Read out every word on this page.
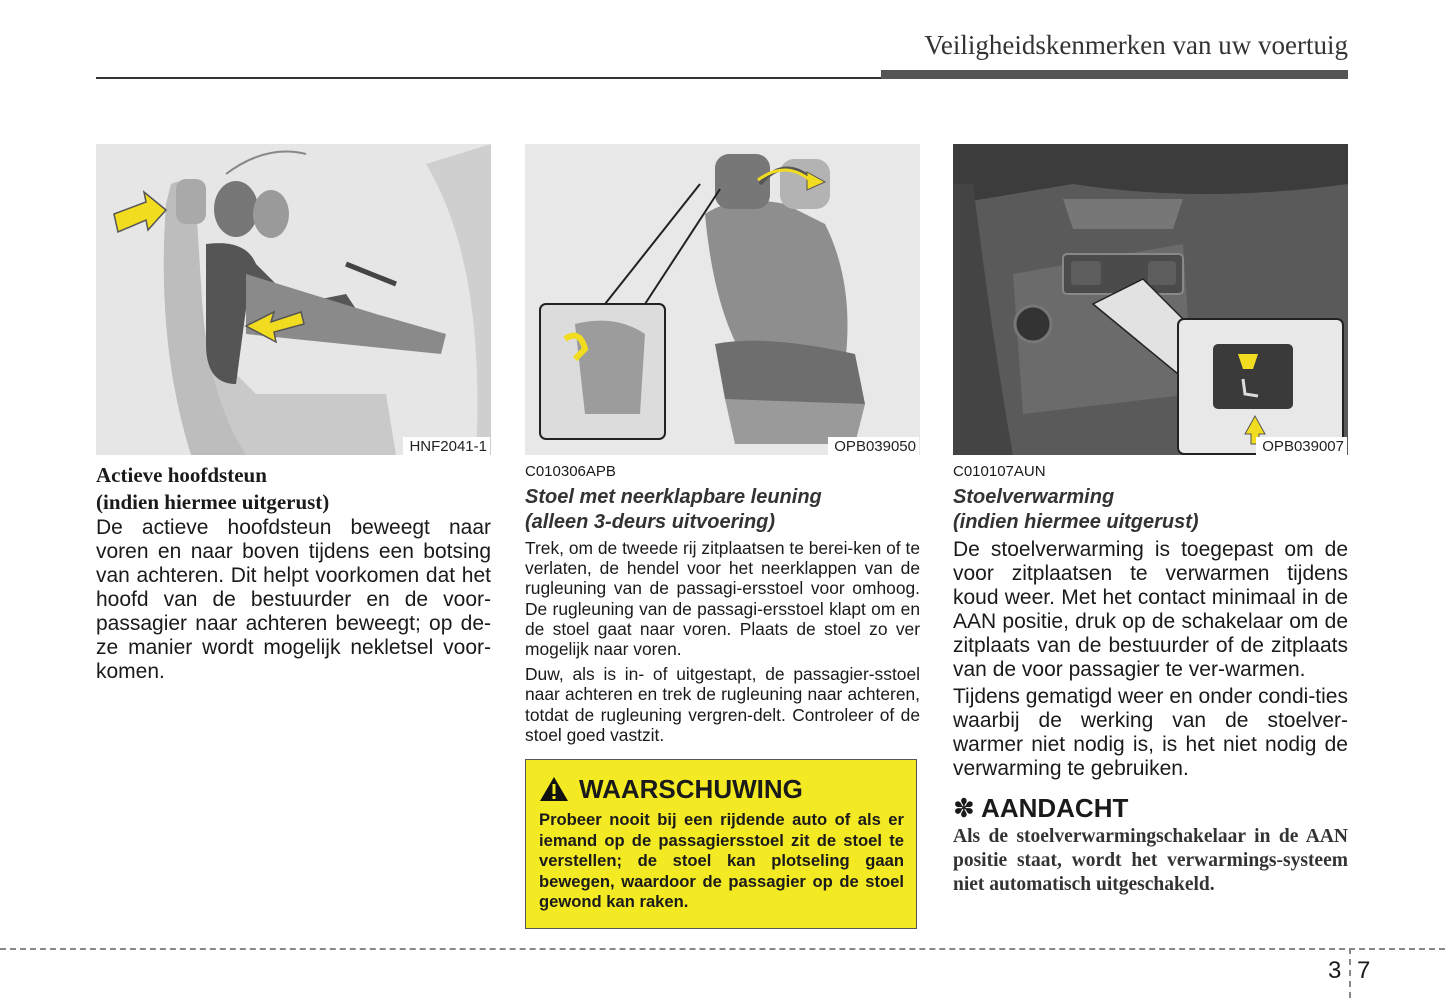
Veiligheidskenmerken van uw voertuig
HNF2041-1	OPB039050	OPB039007

Actieve hoofdsteun

(indien hiermee uitgerust)

De actieve hoofdsteun beweegt naar voren en naar boven tijdens een botsing van achteren. Dit helpt voorkomen dat het hoofd van de bestuurder en de voor-passagier naar achteren beweegt; op de-ze manier wordt mogelijk nekletsel voor-komen.

C010306APB

Stoel met neerklapbare leuning
(alleen 3-deurs uitvoering)

Trek, om de tweede rij zitplaatsen te berei-ken of te verlaten, de hendel voor het neerklappen van de rugleuning van de passagi-ersstoel voor omhoog. De rugleuning van de passagi-ersstoel klapt om en de stoel gaat naar voren. Plaats de stoel zo ver mogelijk naar voren.

Duw, als is in- of uitgestapt, de passagier-sstoel naar achteren en trek de rugleuning naar achteren, totdat de rugleuning vergren-delt. Controleer of de stoel goed vastzit.

WAARSCHUWING

Probeer nooit bij een rijdende auto of als er iemand op de passagiersstoel zit de stoel te verstellen; de stoel kan plotseling gaan bewegen, waardoor de passagier op de stoel gewond kan raken.

C010107AUN

Stoelverwarming
(indien hiermee uitgerust)

De stoelverwarming is toegepast om de voor zitplaatsen te verwarmen tijdens koud weer. Met het contact minimaal in de AAN positie, druk op de schakelaar om de zitplaats van de bestuurder of de zitplaats van de voor passagier te ver-warmen.

Tijdens gematigd weer en onder condi-ties waarbij de werking van de stoelver-warmer niet nodig is, is het niet nodig de verwarming te gebruiken.

✽ AANDACHT

Als de stoelverwarmingschakelaar in de AAN positie staat, wordt het verwarmings-systeem niet automatisch uitgeschakeld.

3 7
